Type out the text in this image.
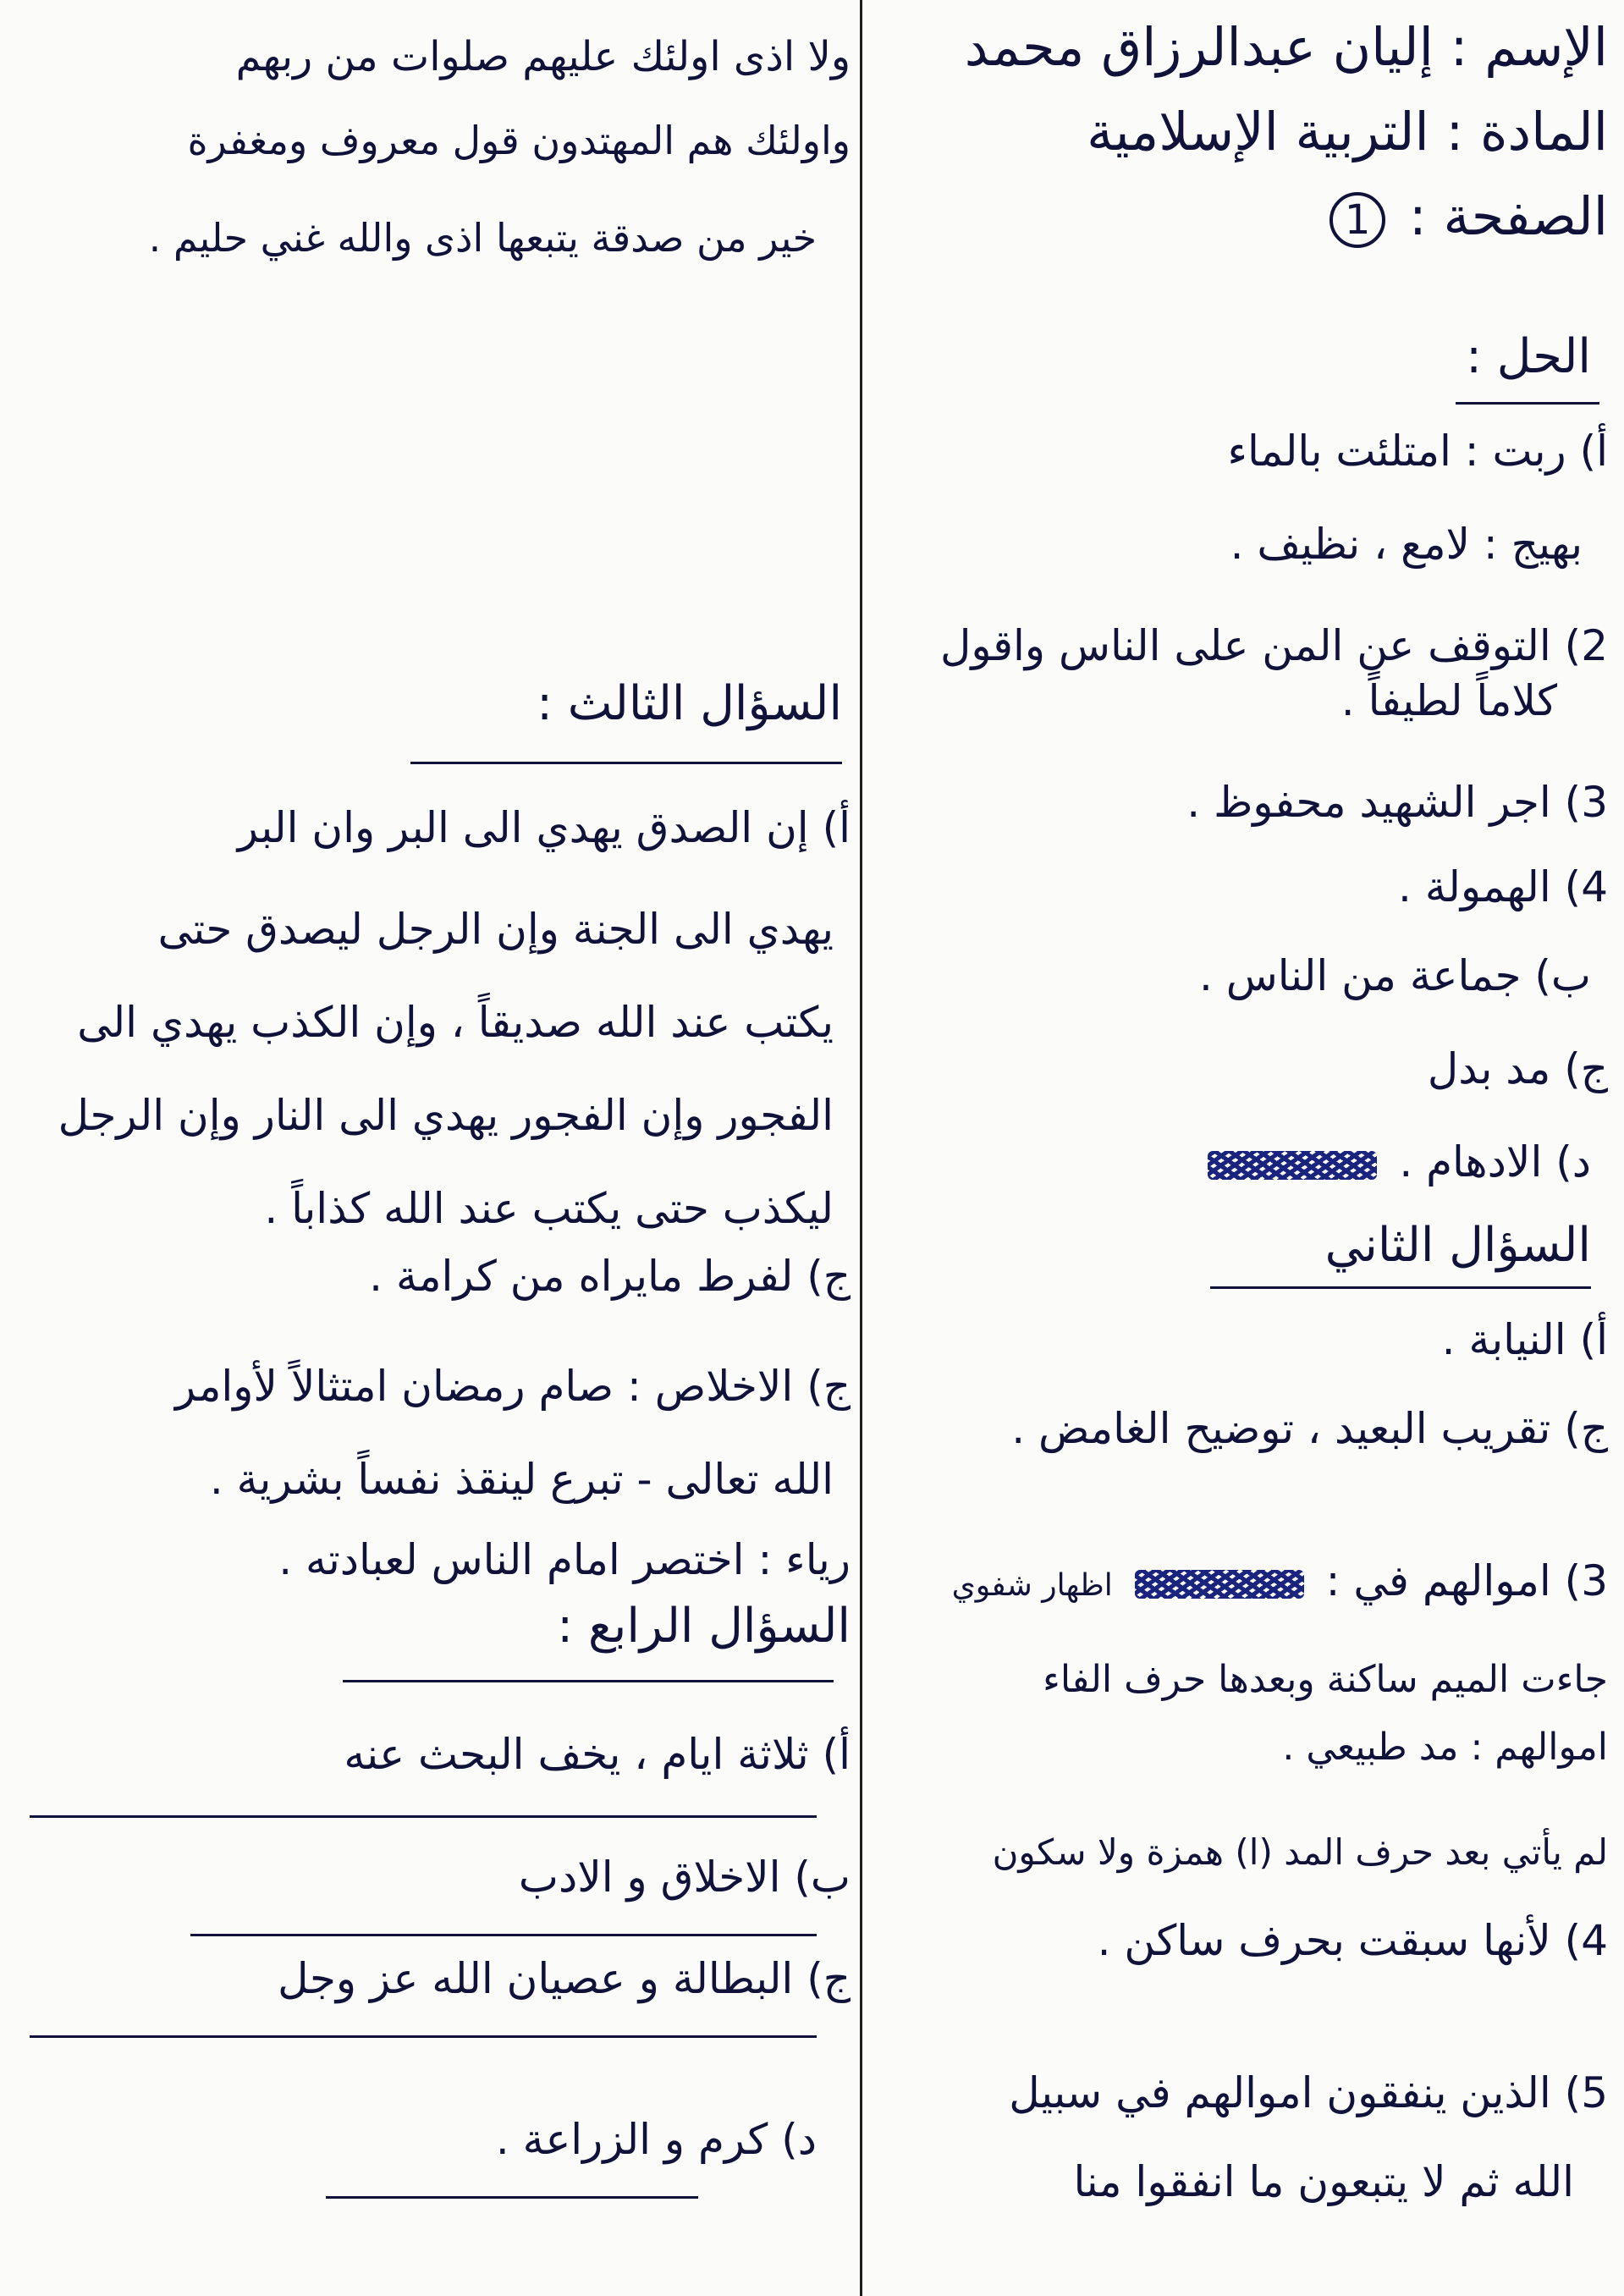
الإسم : إليان عبدالرزاق محمد
المادة : التربية الإسلامية
الصفحة : 1
الحل :
أ) ربت : امتلئت بالماء
بهيج : لامع ، نظيف .
2) التوقف عن المن على الناس واقول
كلاماً لطيفاً .
3) اجر الشهيد محفوظ .
4) الهمولة .
ب) جماعة من الناس .
ج) مد بدل
د) الادهام .
السؤال الثاني
أ) النيابة .
ج) تقريب البعيد ، توضيح الغامض .
3) اموالهم في :  اظهار شفوي
جاءت الميم ساكنة وبعدها حرف الفاء
اموالهم : مد طبيعي .
لم يأتي بعد حرف المد (ا) همزة ولا سكون
4) لأنها سبقت بحرف ساكن .
5) الذين ينفقون اموالهم في سبيل
الله ثم لا يتبعون ما انفقوا منا
ولا اذى اولئك عليهم صلوات من ربهم
واولئك هم المهتدون قول معروف ومغفرة
خير من صدقة يتبعها اذى والله غني حليم .
السؤال الثالث :
أ) إن الصدق يهدي الى البر وان البر
يهدي الى الجنة وإن الرجل ليصدق حتى
يكتب عند الله صديقاً ، وإن الكذب يهدي الى
الفجور وإن الفجور يهدي الى النار وإن الرجل
ليكذب حتى يكتب عند الله كذاباً .
ج) لفرط مايراه من كرامة .
ج) الاخلاص : صام رمضان امتثالاً لأوامر
الله تعالى - تبرع لينقذ نفساً بشرية .
رياء : اختصر امام الناس لعبادته .
السؤال الرابع :
أ) ثلاثة ايام ، يخف البحث عنه
ب) الاخلاق و الادب
ج) البطالة و عصيان الله عز وجل
د) كرم و الزراعة .
